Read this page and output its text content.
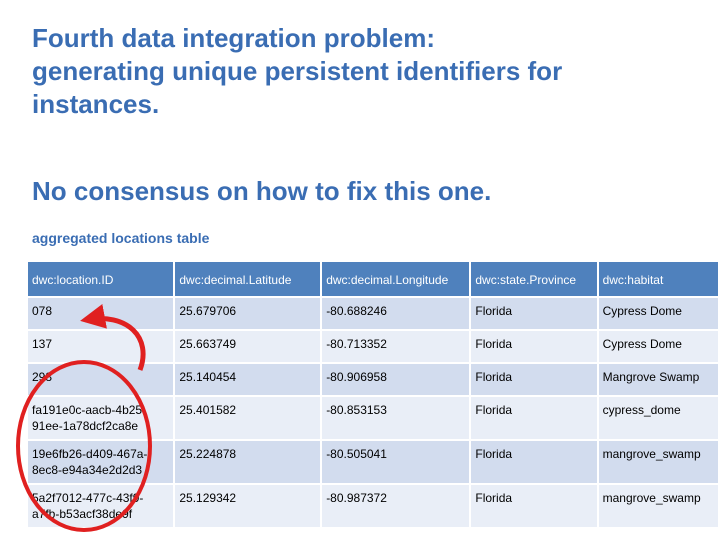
Fourth data integration problem:
generating unique persistent identifiers for
instances.
No consensus on how to fix this one.
aggregated locations table
dwc:location.ID	dwc:decimal.Latitude	dwc:decimal.Longitude	dwc:state.Province	dwc:habitat
078	25.679706	-80.688246	Florida	Cypress Dome
137	25.663749	-80.713352	Florida	Cypress Dome
298	25.140454	-80.906958	Florida	Mangrove Swamp
fa191e0c-aacb-4b25-91ee-1a78dcf2ca8e	25.401582	-80.853153	Florida	cypress_dome
19e6fb26-d409-467a-8ec8-e94a34e2d2d3	25.224878	-80.505041	Florida	mangrove_swamp
5a2f7012-477c-43f9-a7fb-b53acf38de9f	25.129342	-80.987372	Florida	mangrove_swamp
